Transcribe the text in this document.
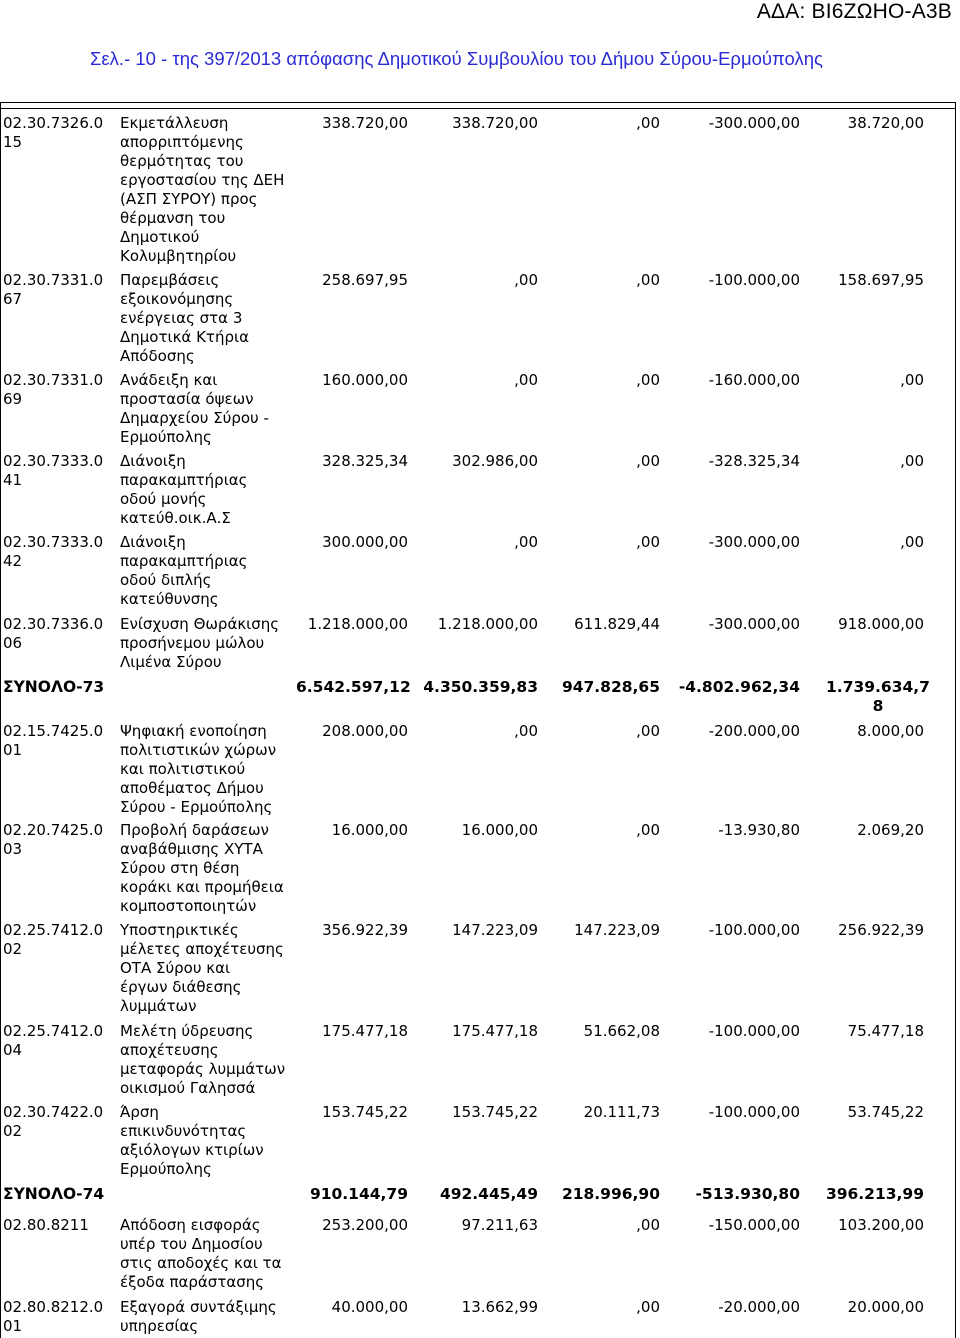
ΑΔΑ: ΒΙ6ΖΩΗΟ-Α3Β
Σελ.- 10 - της 397/2013 απόφασης Δημοτικού Συμβουλίου του Δήμου Σύρου-Ερμούπολης
02.30.7326.0 15
Εκμετάλλευση
απορριπτόμενης
θερμότητας του
εργοστασίου της ΔΕΗ
(ΑΣΠ ΣΥΡΟΥ) προς
θέρμανση του
Δημοτικού
Κολυμβητηρίου
338.720,00	338.720,00	,00	-300.000,00	38.720,00
02.30.7331.0 67
Παρεμβάσεις
εξοικονόμησης
ενέργειας στα 3
Δημοτικά Κτήρια
Απόδοσης
258.697,95	,00	,00	-100.000,00	158.697,95
02.30.7331.0 69
Ανάδειξη και
προστασία όψεων
Δημαρχείου Σύρου -
Ερμούπολης
160.000,00	,00	,00	-160.000,00	,00
02.30.7333.0 41
Διάνοιξη
παρακαμπτήριας
οδού μονής
κατεύθ.οικ.Α.Σ
328.325,34	302.986,00	,00	-328.325,34	,00
02.30.7333.0 42
Διάνοιξη
παρακαμπτήριας
οδού διπλής
κατεύθυνσης
300.000,00	,00	,00	-300.000,00	,00
02.30.7336.0 06
Ενίσχυση Θωράκισης
προσήνεμου μώλου
Λιμένα Σύρου
1.218.000,00	1.218.000,00	611.829,44	-300.000,00	918.000,00
ΣΥΝΟΛΟ-73	6.542.597,12 4.350.359,83	947.828,65	-4.802.962,34	1.739.634,7 8
02.15.7425.0 01
Ψηφιακή ενοποίηση
πολιτιστικών χώρων
και πολιτιστικού
αποθέματος Δήμου
Σύρου - Ερμούπολης
208.000,00	,00	,00	-200.000,00	8.000,00
02.20.7425.0 03
Προβολή δαράσεων
αναβάθμισης ΧΥΤΑ
Σύρου στη θέση
κοράκι και προμήθεια
κομποστοποιητών
16.000,00	16.000,00	,00	-13.930,80	2.069,20
02.25.7412.0 02
Υποστηρικτικές
μέλετες αποχέτευσης
ΟΤΑ Σύρου και
έργων διάθεσης
λυμμάτων
356.922,39	147.223,09	147.223,09	-100.000,00	256.922,39
02.25.7412.0 04
Μελέτη ύδρευσης
αποχέτευσης
μεταφοράς λυμμάτων
οικισμού Γαλησσά
175.477,18	175.477,18	51.662,08	-100.000,00	75.477,18
02.30.7422.0 02
Άρση
επικινδυνότητας
αξιόλογων κτιρίων
Ερμούπολης
153.745,22	153.745,22	20.111,73	-100.000,00	53.745,22
ΣΥΝΟΛΟ-74	910.144,79	492.445,49	218.996,90	-513.930,80	396.213,99
02.80.8211	Απόδοση εισφοράς
υπέρ του Δημοσίου
στις αποδοχές και τα
έξοδα παράστασης
253.200,00	97.211,63	,00	-150.000,00	103.200,00
02.80.8212.0 01
Εξαγορά συντάξιμης
υπηρεσίας
40.000,00	13.662,99	,00	-20.000,00	20.000,00
